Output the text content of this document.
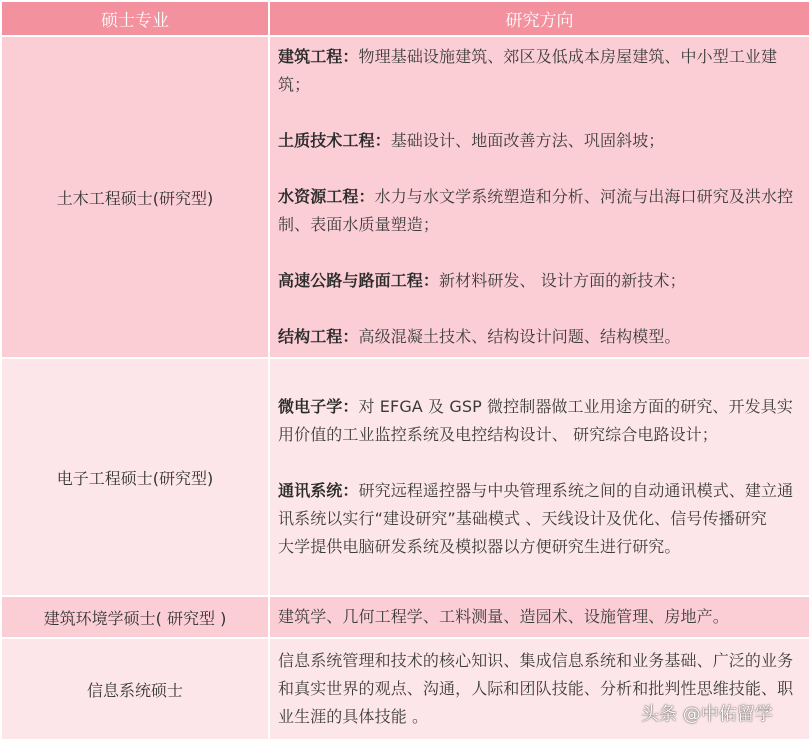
硕士专业	研究方向
土木工程硕士(研究型)	建筑工程：物理基础设施建筑、郊区及低成本房屋建筑、中小型工业建筑；
土质技术工程：基础设计、地面改善方法、巩固斜坡；
水资源工程：水力与水文学系统塑造和分析、河流与出海口研究及洪水控制、表面水质量塑造；
高速公路与路面工程：新材料研发、 设计方面的新技术；
结构工程：高级混凝土技术、结构设计问题、结构模型。

电子工程硕士(研究型)	微电子学：对 EFGA 及 GSP 微控制器做工业用途方面的研究、开发具实用价值的工业监控系统及电控结构设计、 研究综合电路设计；
通讯系统：研究远程遥控器与中央管理系统之间的自动通讯模式、建立通讯系统以实行“建设研究”基础模式 、天线设计及优化、信号传播研究
大学提供电脑研发系统及模拟器以方便研究生进行研究。

建筑环境学硕士( 研究型 )	建筑学、几何工程学、工料测量、造园术、设施管理、房地产。
信息系统硕士	信息系统管理和技术的核心知识、集成信息系统和业务基础、广泛的业务和真实世界的观点、沟通，人际和团队技能、分析和批判性思维技能、职业生涯的具体技能 。	头条 @中佑留学
